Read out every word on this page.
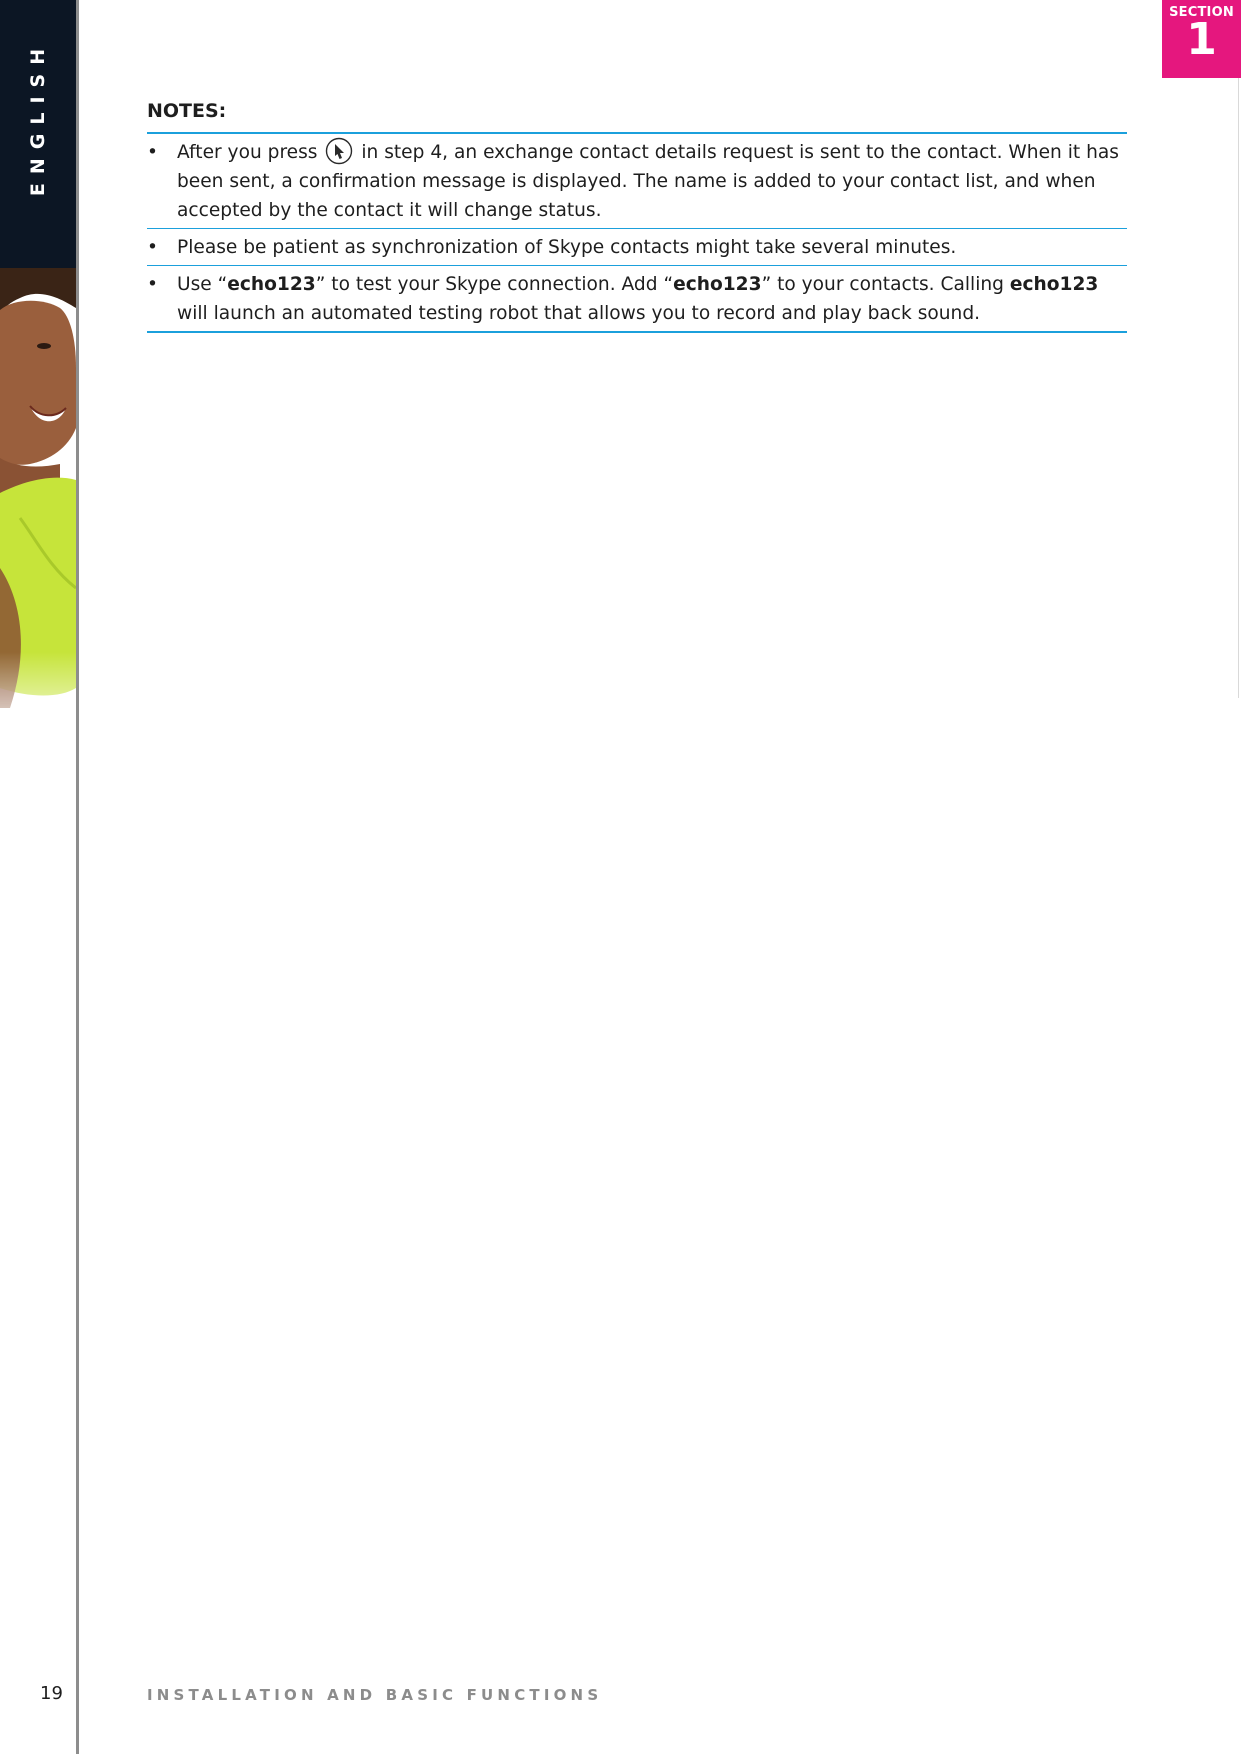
ENGLISH
SECTION
1
NOTES:
• After you press in step 4, an exchange contact details request is sent to the contact. When it has been sent, a confirmation message is displayed. The name is added to your contact list, and when accepted by the contact it will change status.
• Please be patient as synchronization of Skype contacts might take several minutes.
• Use “echo123” to test your Skype connection. Add “echo123” to your contacts. Calling echo123 will launch an automated testing robot that allows you to record and play back sound.
19	INSTALLATION AND BASIC FUNCTIONS
